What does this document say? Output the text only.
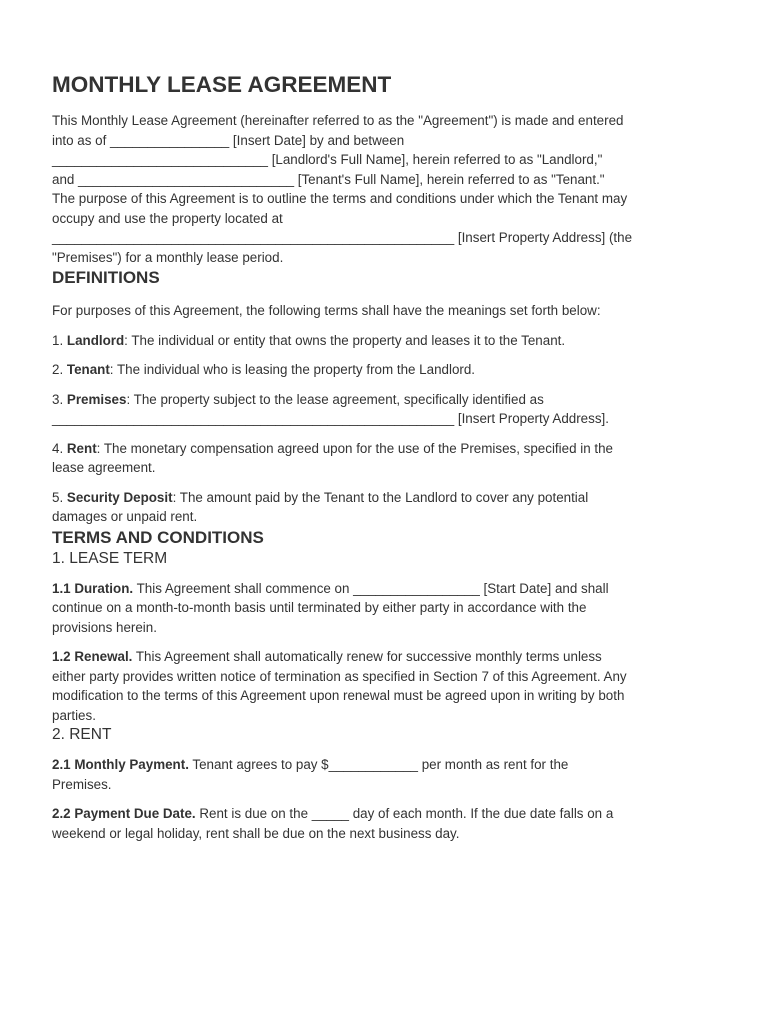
MONTHLY LEASE AGREEMENT

This Monthly Lease Agreement (hereinafter referred to as the "Agreement") is made and entered

into as of ________________ [Insert Date] by and between

_____________________________ [Landlord's Full Name], herein referred to as "Landlord,"

and _____________________________ [Tenant's Full Name], herein referred to as "Tenant."

The purpose of this Agreement is to outline the terms and conditions under which the Tenant may

occupy and use the property located at

______________________________________________________ [Insert Property Address] (the

"Premises") for a monthly lease period.

DEFINITIONS

For purposes of this Agreement, the following terms shall have the meanings set forth below:

1. Landlord: The individual or entity that owns the property and leases it to the Tenant.

2. Tenant: The individual who is leasing the property from the Landlord.

3. Premises: The property subject to the lease agreement, specifically identified as

______________________________________________________ [Insert Property Address].

4. Rent: The monetary compensation agreed upon for the use of the Premises, specified in the

lease agreement.

5. Security Deposit: The amount paid by the Tenant to the Landlord to cover any potential

damages or unpaid rent.

TERMS AND CONDITIONS
1. LEASE TERM

1.1 Duration. This Agreement shall commence on _________________ [Start Date] and shall

continue on a month-to-month basis until terminated by either party in accordance with the

provisions herein.

1.2 Renewal. This Agreement shall automatically renew for successive monthly terms unless

either party provides written notice of termination as specified in Section 7 of this Agreement. Any

modification to the terms of this Agreement upon renewal must be agreed upon in writing by both

parties.

2. RENT

2.1 Monthly Payment. Tenant agrees to pay $____________ per month as rent for the

Premises.

2.2 Payment Due Date. Rent is due on the _____ day of each month. If the due date falls on a

weekend or legal holiday, rent shall be due on the next business day.
